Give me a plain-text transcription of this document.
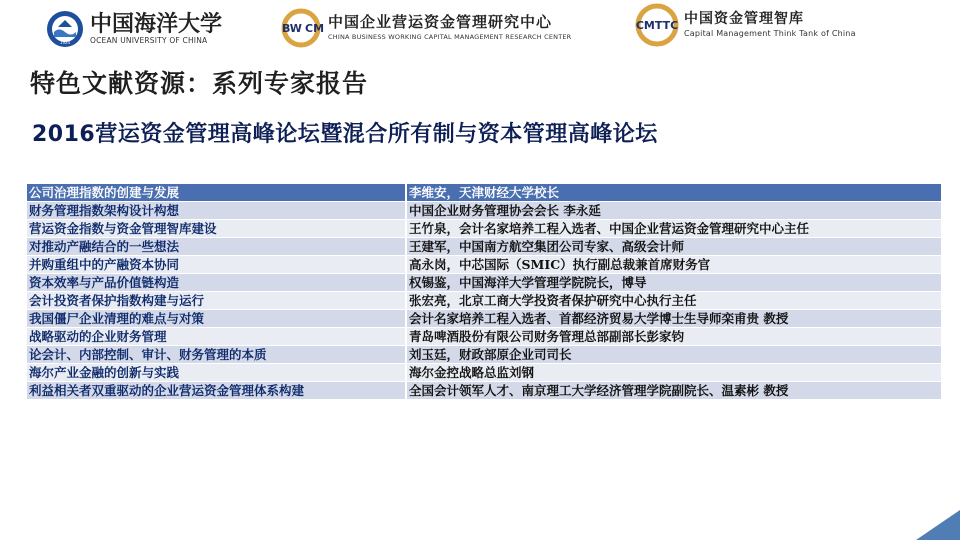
1924
中国海洋大学
OCEAN UNIVERSITY OF CHINA
BW CM 中国企业营运资金管理研究中心
CHINA BUSINESS WORKING CAPITAL MANAGEMENT RESEARCH CENTER
CMTTC 中国资金管理智库
Capital Management Think Tank of China
特色文献资源：系列专家报告
2016营运资金管理高峰论坛暨混合所有制与资本管理高峰论坛
公司治理指数的创建与发展	李维安，天津财经大学校长
财务管理指数架构设计构想	中国企业财务管理协会会长 李永延
营运资金指数与资金管理智库建设	王竹泉，会计名家培养工程入选者、中国企业营运资金管理研究中心主任
对推动产融结合的一些想法	王建军，中国南方航空集团公司专家、高级会计师
并购重组中的产融资本协同	高永岗，中芯国际（SMIC）执行副总裁兼首席财务官
资本效率与产品价值链构造	权锡鉴，中国海洋大学管理学院院长，博导
会计投资者保护指数构建与运行	张宏亮，北京工商大学投资者保护研究中心执行主任
我国僵尸企业清理的难点与对策	会计名家培养工程入选者、首都经济贸易大学博士生导师栾甫贵 教授
战略驱动的企业财务管理	青岛啤酒股份有限公司财务管理总部副部长彭家钧
论会计、内部控制、审计、财务管理的本质	刘玉廷，财政部原企业司司长
海尔产业金融的创新与实践	海尔金控战略总监刘钢
利益相关者双重驱动的企业营运资金管理体系构建	全国会计领军人才、南京理工大学经济管理学院副院长、温素彬 教授
